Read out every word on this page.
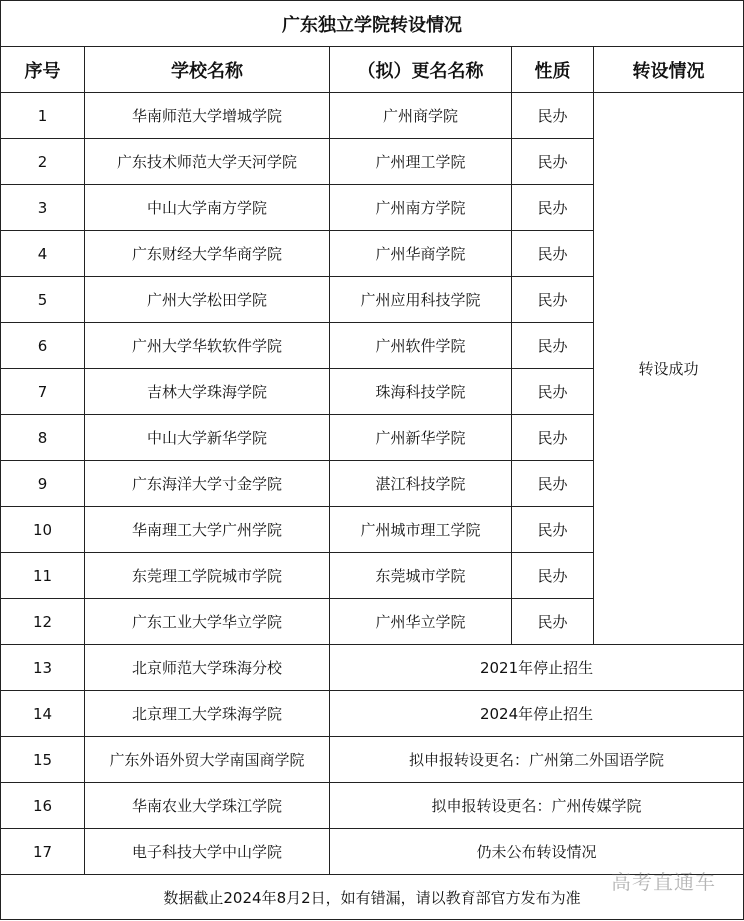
广东独立学院转设情况				
序号	学校名称	（拟）更名名称	性质	转设情况
1	华南师范大学增城学院	广州商学院	民办	转设成功
2	广东技术师范大学天河学院	广州理工学院	民办	
3	中山大学南方学院	广州南方学院	民办	
4	广东财经大学华商学院	广州华商学院	民办	
5	广州大学松田学院	广州应用科技学院	民办	
6	广州大学华软软件学院	广州软件学院	民办	
7	吉林大学珠海学院	珠海科技学院	民办	
8	中山大学新华学院	广州新华学院	民办	
9	广东海洋大学寸金学院	湛江科技学院	民办	
10	华南理工大学广州学院	广州城市理工学院	民办	
11	东莞理工学院城市学院	东莞城市学院	民办	
12	广东工业大学华立学院	广州华立学院	民办	
13	北京师范大学珠海分校	2021年停止招生		
14	北京理工大学珠海学院	2024年停止招生		
15	广东外语外贸大学南国商学院	拟申报转设更名：广州第二外国语学院		
16	华南农业大学珠江学院	拟申报转设更名：广州传媒学院		
17	电子科技大学中山学院	仍未公布转设情况		
数据截止2024年8月2日，如有错漏，请以教育部官方发布为准				
高考直通车
